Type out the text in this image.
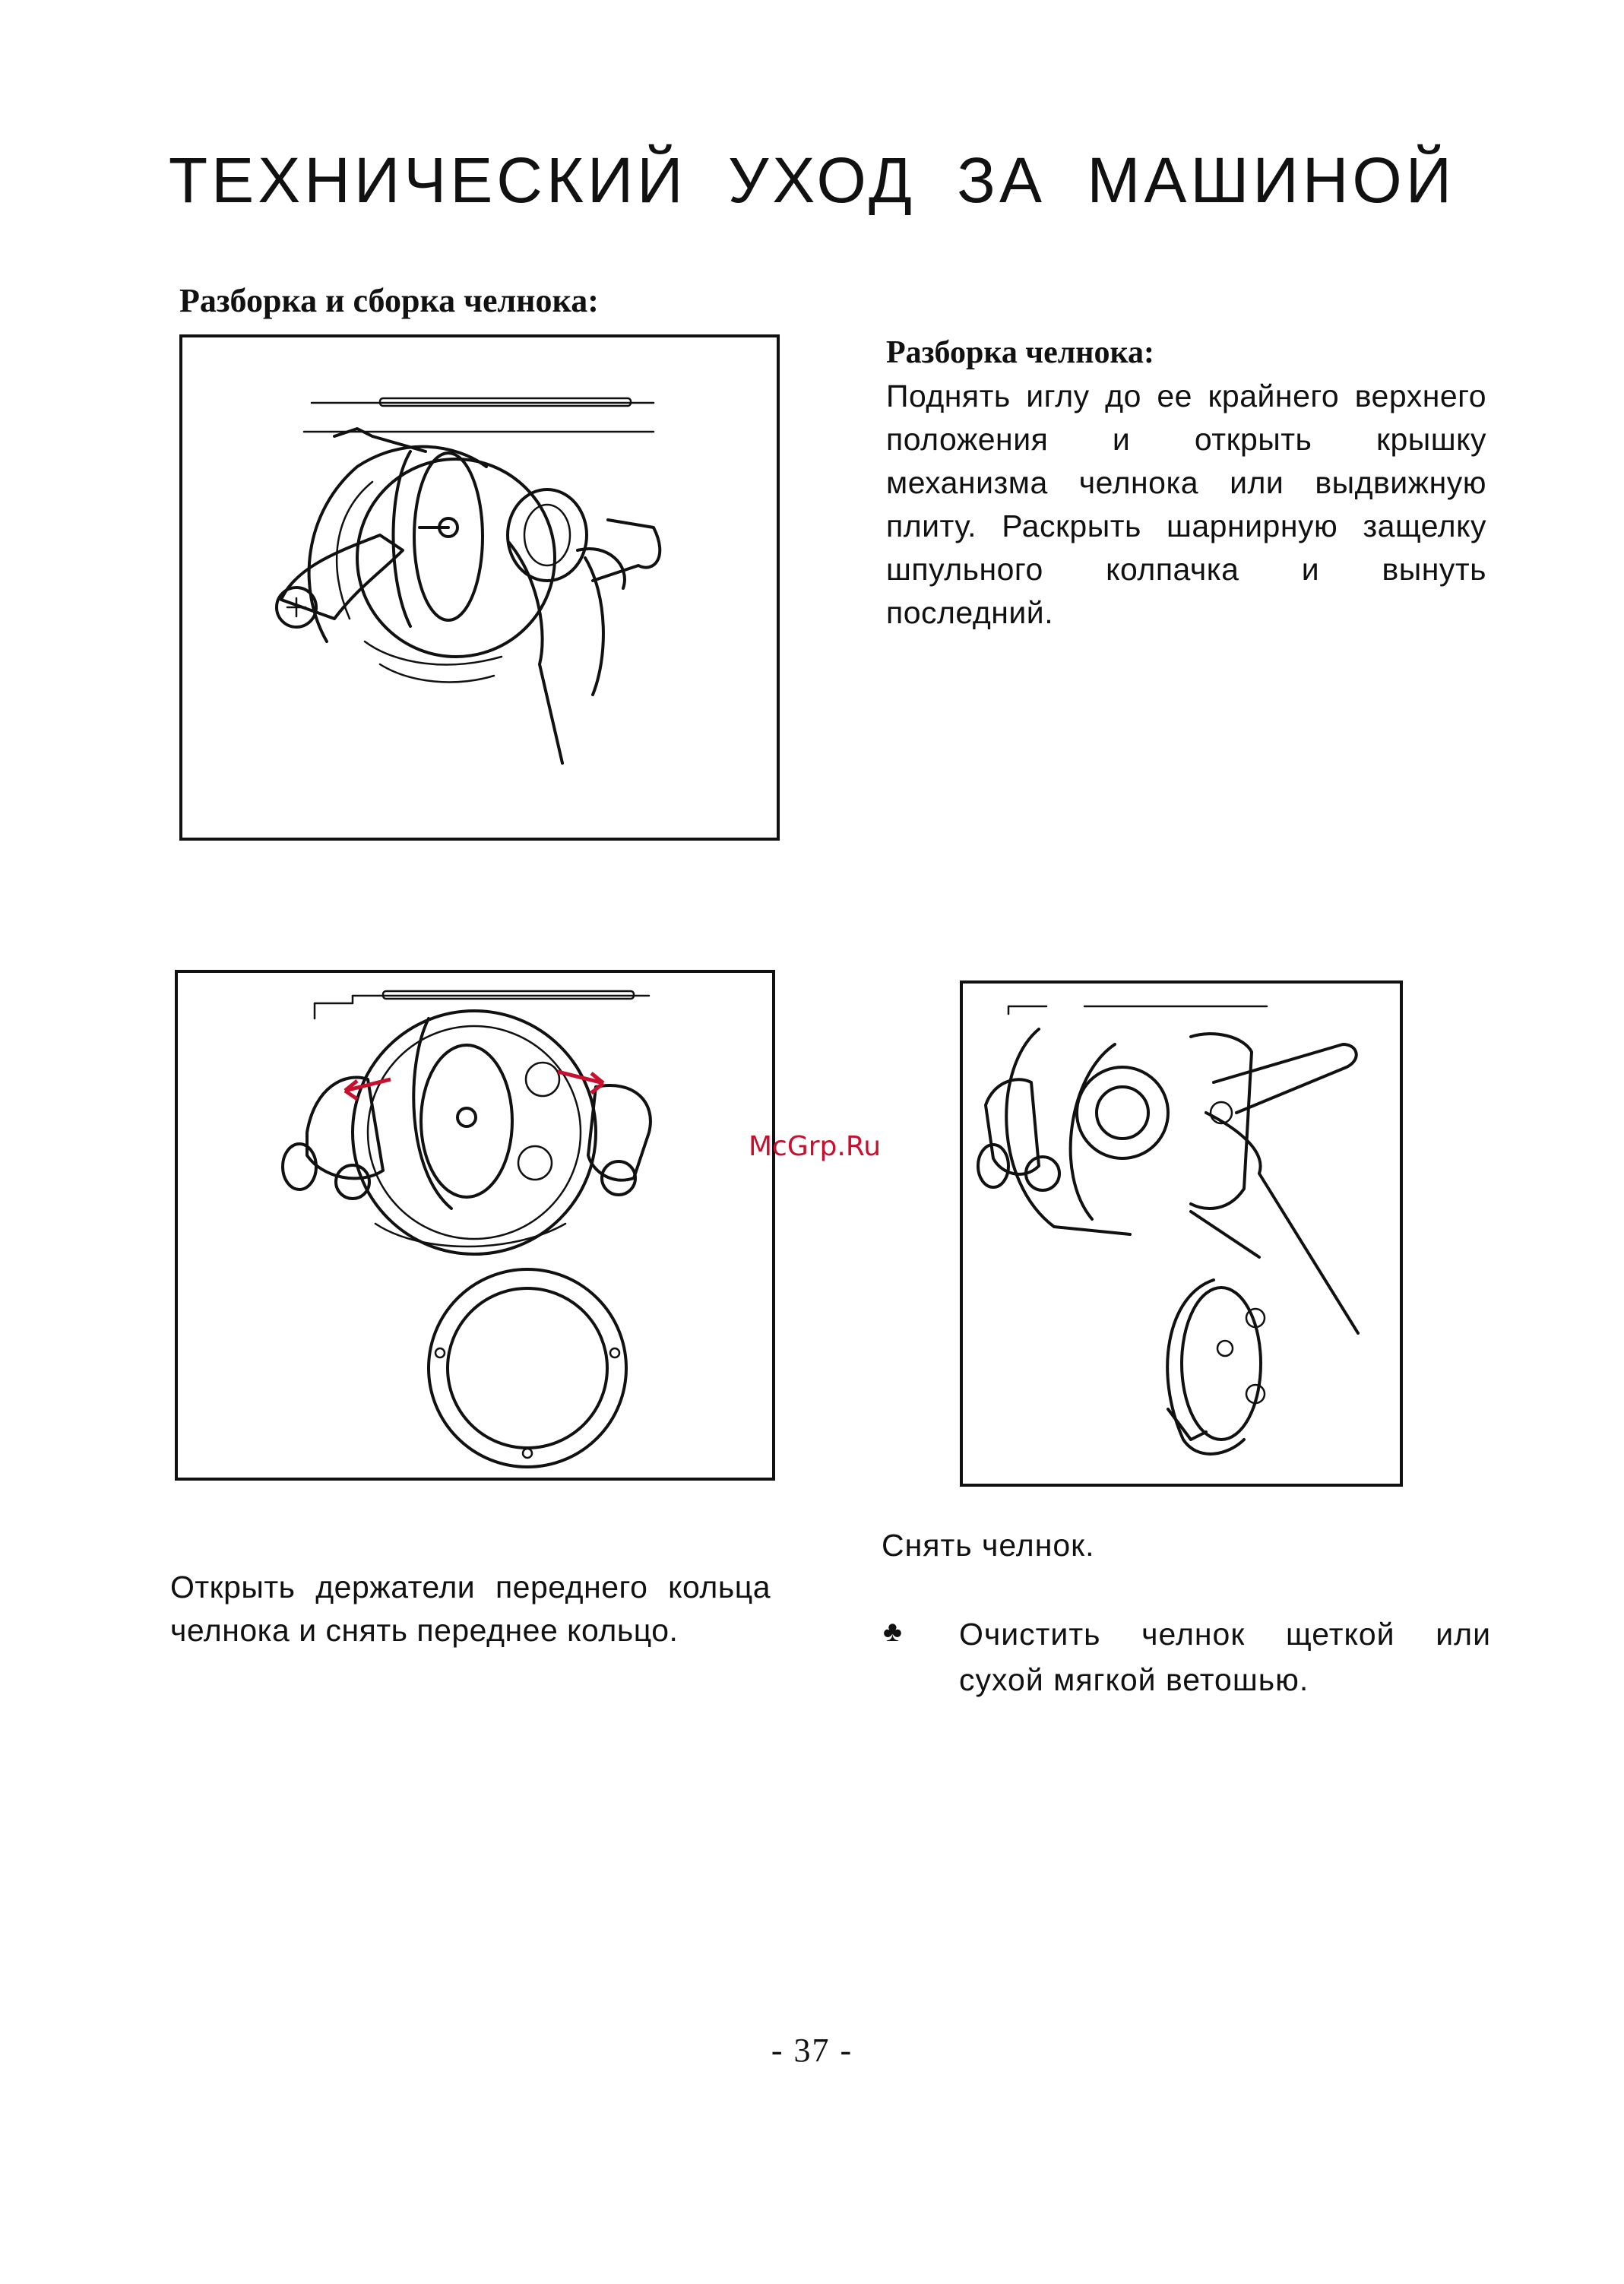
ТЕХНИЧЕСКИЙ УХОД ЗА МАШИНОЙ
Разборка и сборка челнока:
Разборка челнока:
Поднять иглу до ее крайнего верхнего положения и открыть крышку механизма челнока или выдвижную плиту. Раскрыть шарнирную защелку шпульного колпачка и вынуть последний.
McGrp.Ru
Открыть держатели переднего кольца челнока и снять переднее кольцо.
Снять челнок.
♣ Очистить челнок щеткой или сухой мягкой ветошью.
- 37 -
